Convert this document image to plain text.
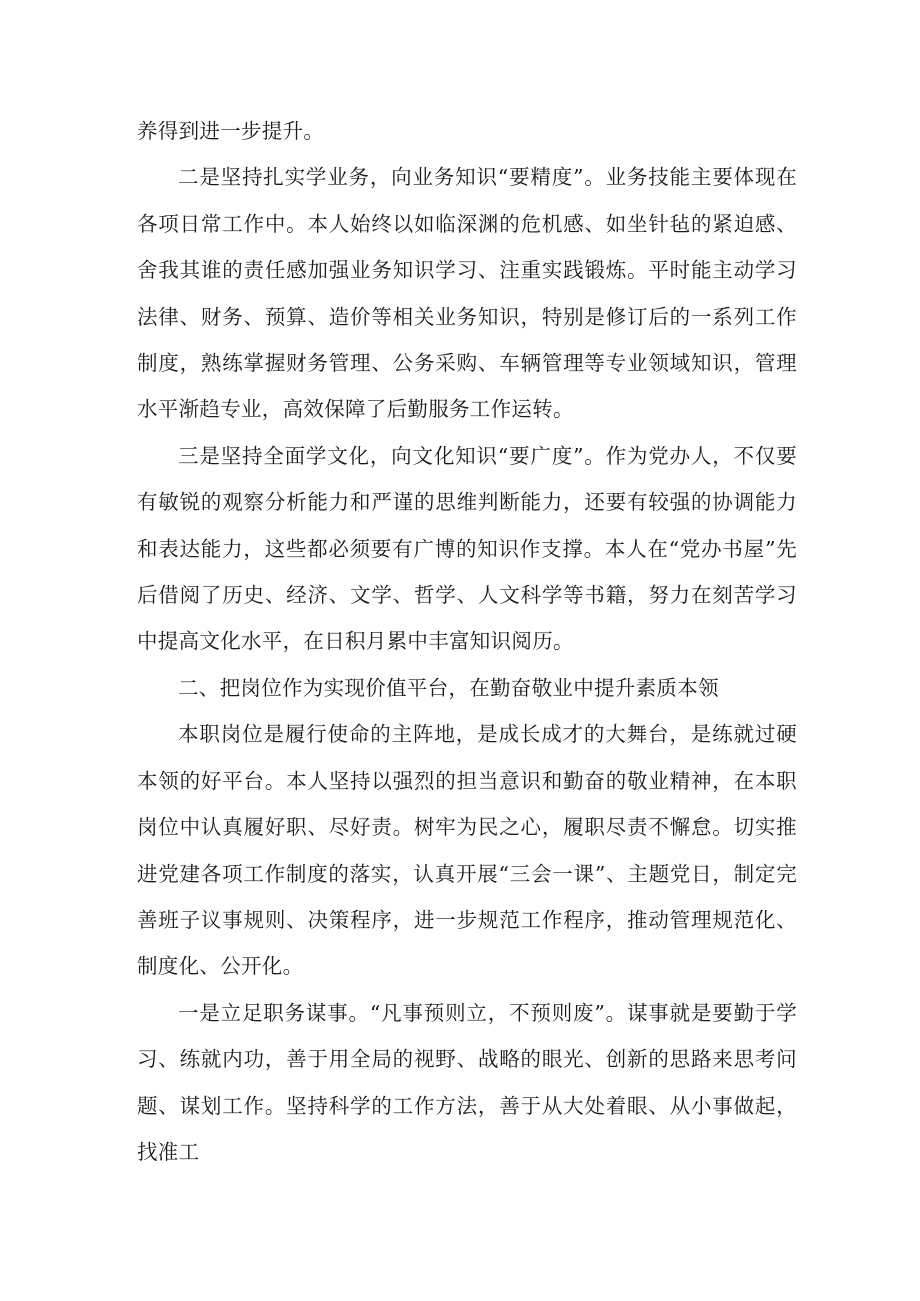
养得到进一步提升。

二是坚持扎实学业务，向业务知识“要精度”。业务技能主要体现在各项日常工作中。本人始终以如临深渊的危机感、如坐针毡的紧迫感、舍我其谁的责任感加强业务知识学习、注重实践锻炼。平时能主动学习法律、财务、预算、造价等相关业务知识，特别是修订后的一系列工作制度，熟练掌握财务管理、公务采购、车辆管理等专业领域知识，管理水平渐趋专业，高效保障了后勤服务工作运转。

三是坚持全面学文化，向文化知识“要广度”。作为党办人，不仅要有敏锐的观察分析能力和严谨的思维判断能力，还要有较强的协调能力和表达能力，这些都必须要有广博的知识作支撑。本人在“党办书屋”先后借阅了历史、经济、文学、哲学、人文科学等书籍，努力在刻苦学习中提高文化水平，在日积月累中丰富知识阅历。

二、把岗位作为实现价值平台，在勤奋敬业中提升素质本领

本职岗位是履行使命的主阵地，是成长成才的大舞台，是练就过硬本领的好平台。本人坚持以强烈的担当意识和勤奋的敬业精神，在本职岗位中认真履好职、尽好责。树牢为民之心，履职尽责不懈怠。切实推进党建各项工作制度的落实，认真开展“三会一课”、主题党日，制定完善班子议事规则、决策程序，进一步规范工作程序，推动管理规范化、制度化、公开化。

一是立足职务谋事。“凡事预则立，不预则废”。谋事就是要勤于学习、练就内功，善于用全局的视野、战略的眼光、创新的思路来思考问题、谋划工作。坚持科学的工作方法，善于从大处着眼、从小事做起，找准工
